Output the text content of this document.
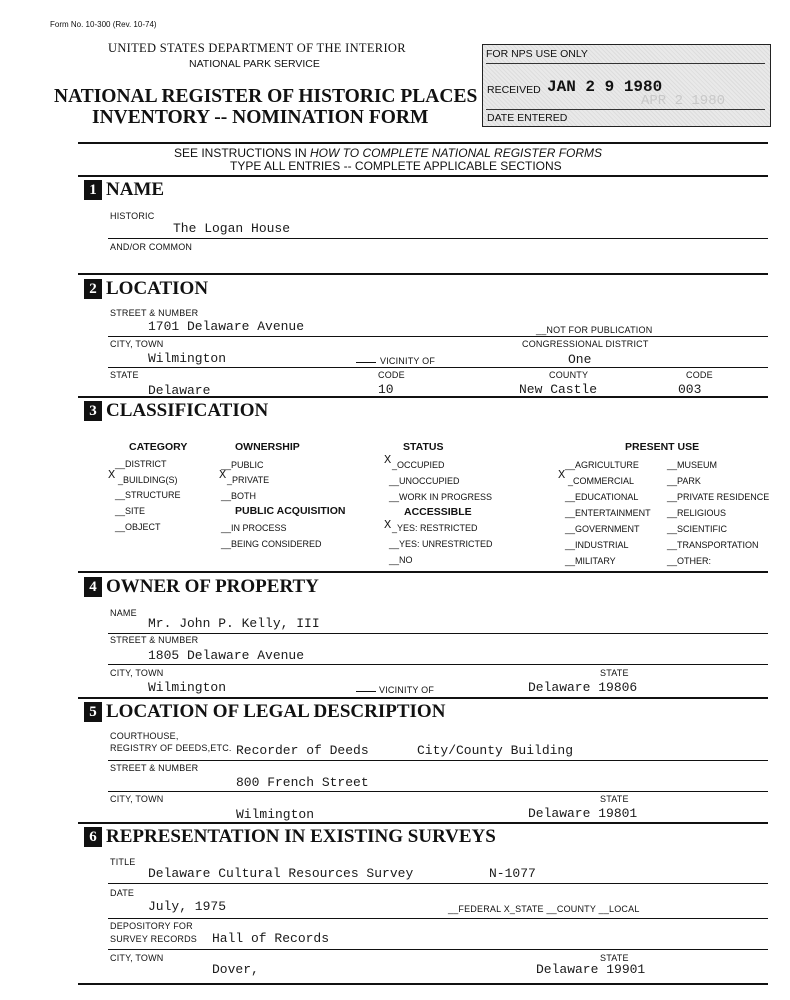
Form No. 10-300 (Rev. 10-74)
UNITED STATES DEPARTMENT OF THE INTERIOR
NATIONAL PARK SERVICE
NATIONAL REGISTER OF HISTORIC PLACES
INVENTORY -- NOMINATION FORM
FOR NPS USE ONLY
RECEIVED JAN 2 9 1980
APR 2 1980
DATE ENTERED
SEE INSTRUCTIONS IN HOW TO COMPLETE NATIONAL REGISTER FORMS
TYPE ALL ENTRIES -- COMPLETE APPLICABLE SECTIONS
1 NAME
HISTORIC
The Logan House
AND/OR COMMON
2 LOCATION
STREET & NUMBER
1701 Delaware Avenue	__NOT FOR PUBLICATION
CITY, TOWN	CONGRESSIONAL DISTRICT
Wilmington	VICINITY OF	One
STATE	CODE	COUNTY	CODE
Delaware	10	New Castle	003
3 CLASSIFICATION
CATEGORY
__DISTRICT
X _BUILDING(S)
__STRUCTURE
__SITE
__OBJECT
OWNERSHIP
__PUBLIC
X _PRIVATE
__BOTH
PUBLIC ACQUISITION
__IN PROCESS
__BEING CONSIDERED
STATUS
X _OCCUPIED
__UNOCCUPIED
__WORK IN PROGRESS
ACCESSIBLE
X _YES: RESTRICTED
__YES: UNRESTRICTED
__NO
PRESENT USE
__AGRICULTURE
X _COMMERCIAL
__EDUCATIONAL
__ENTERTAINMENT
__GOVERNMENT
__INDUSTRIAL
__MILITARY
__MUSEUM
__PARK
__PRIVATE RESIDENCE
__RELIGIOUS
__SCIENTIFIC
__TRANSPORTATION
__OTHER:
4 OWNER OF PROPERTY
NAME
Mr. John P. Kelly, III
STREET & NUMBER
1805 Delaware Avenue
CITY, TOWN	STATE
Wilmington	VICINITY OF	Delaware 19806
5 LOCATION OF LEGAL DESCRIPTION
COURTHOUSE,
REGISTRY OF DEEDS,ETC. Recorder of Deeds	City/County Building
STREET & NUMBER
800 French Street
CITY, TOWN	STATE
Wilmington	Delaware 19801
6 REPRESENTATION IN EXISTING SURVEYS
TITLE
Delaware Cultural Resources Survey	N-1077
DATE
July, 1975	__FEDERAL X_STATE __COUNTY __LOCAL
DEPOSITORY FOR
SURVEY RECORDS Hall of Records
CITY, TOWN	STATE
Dover,	Delaware 19901
